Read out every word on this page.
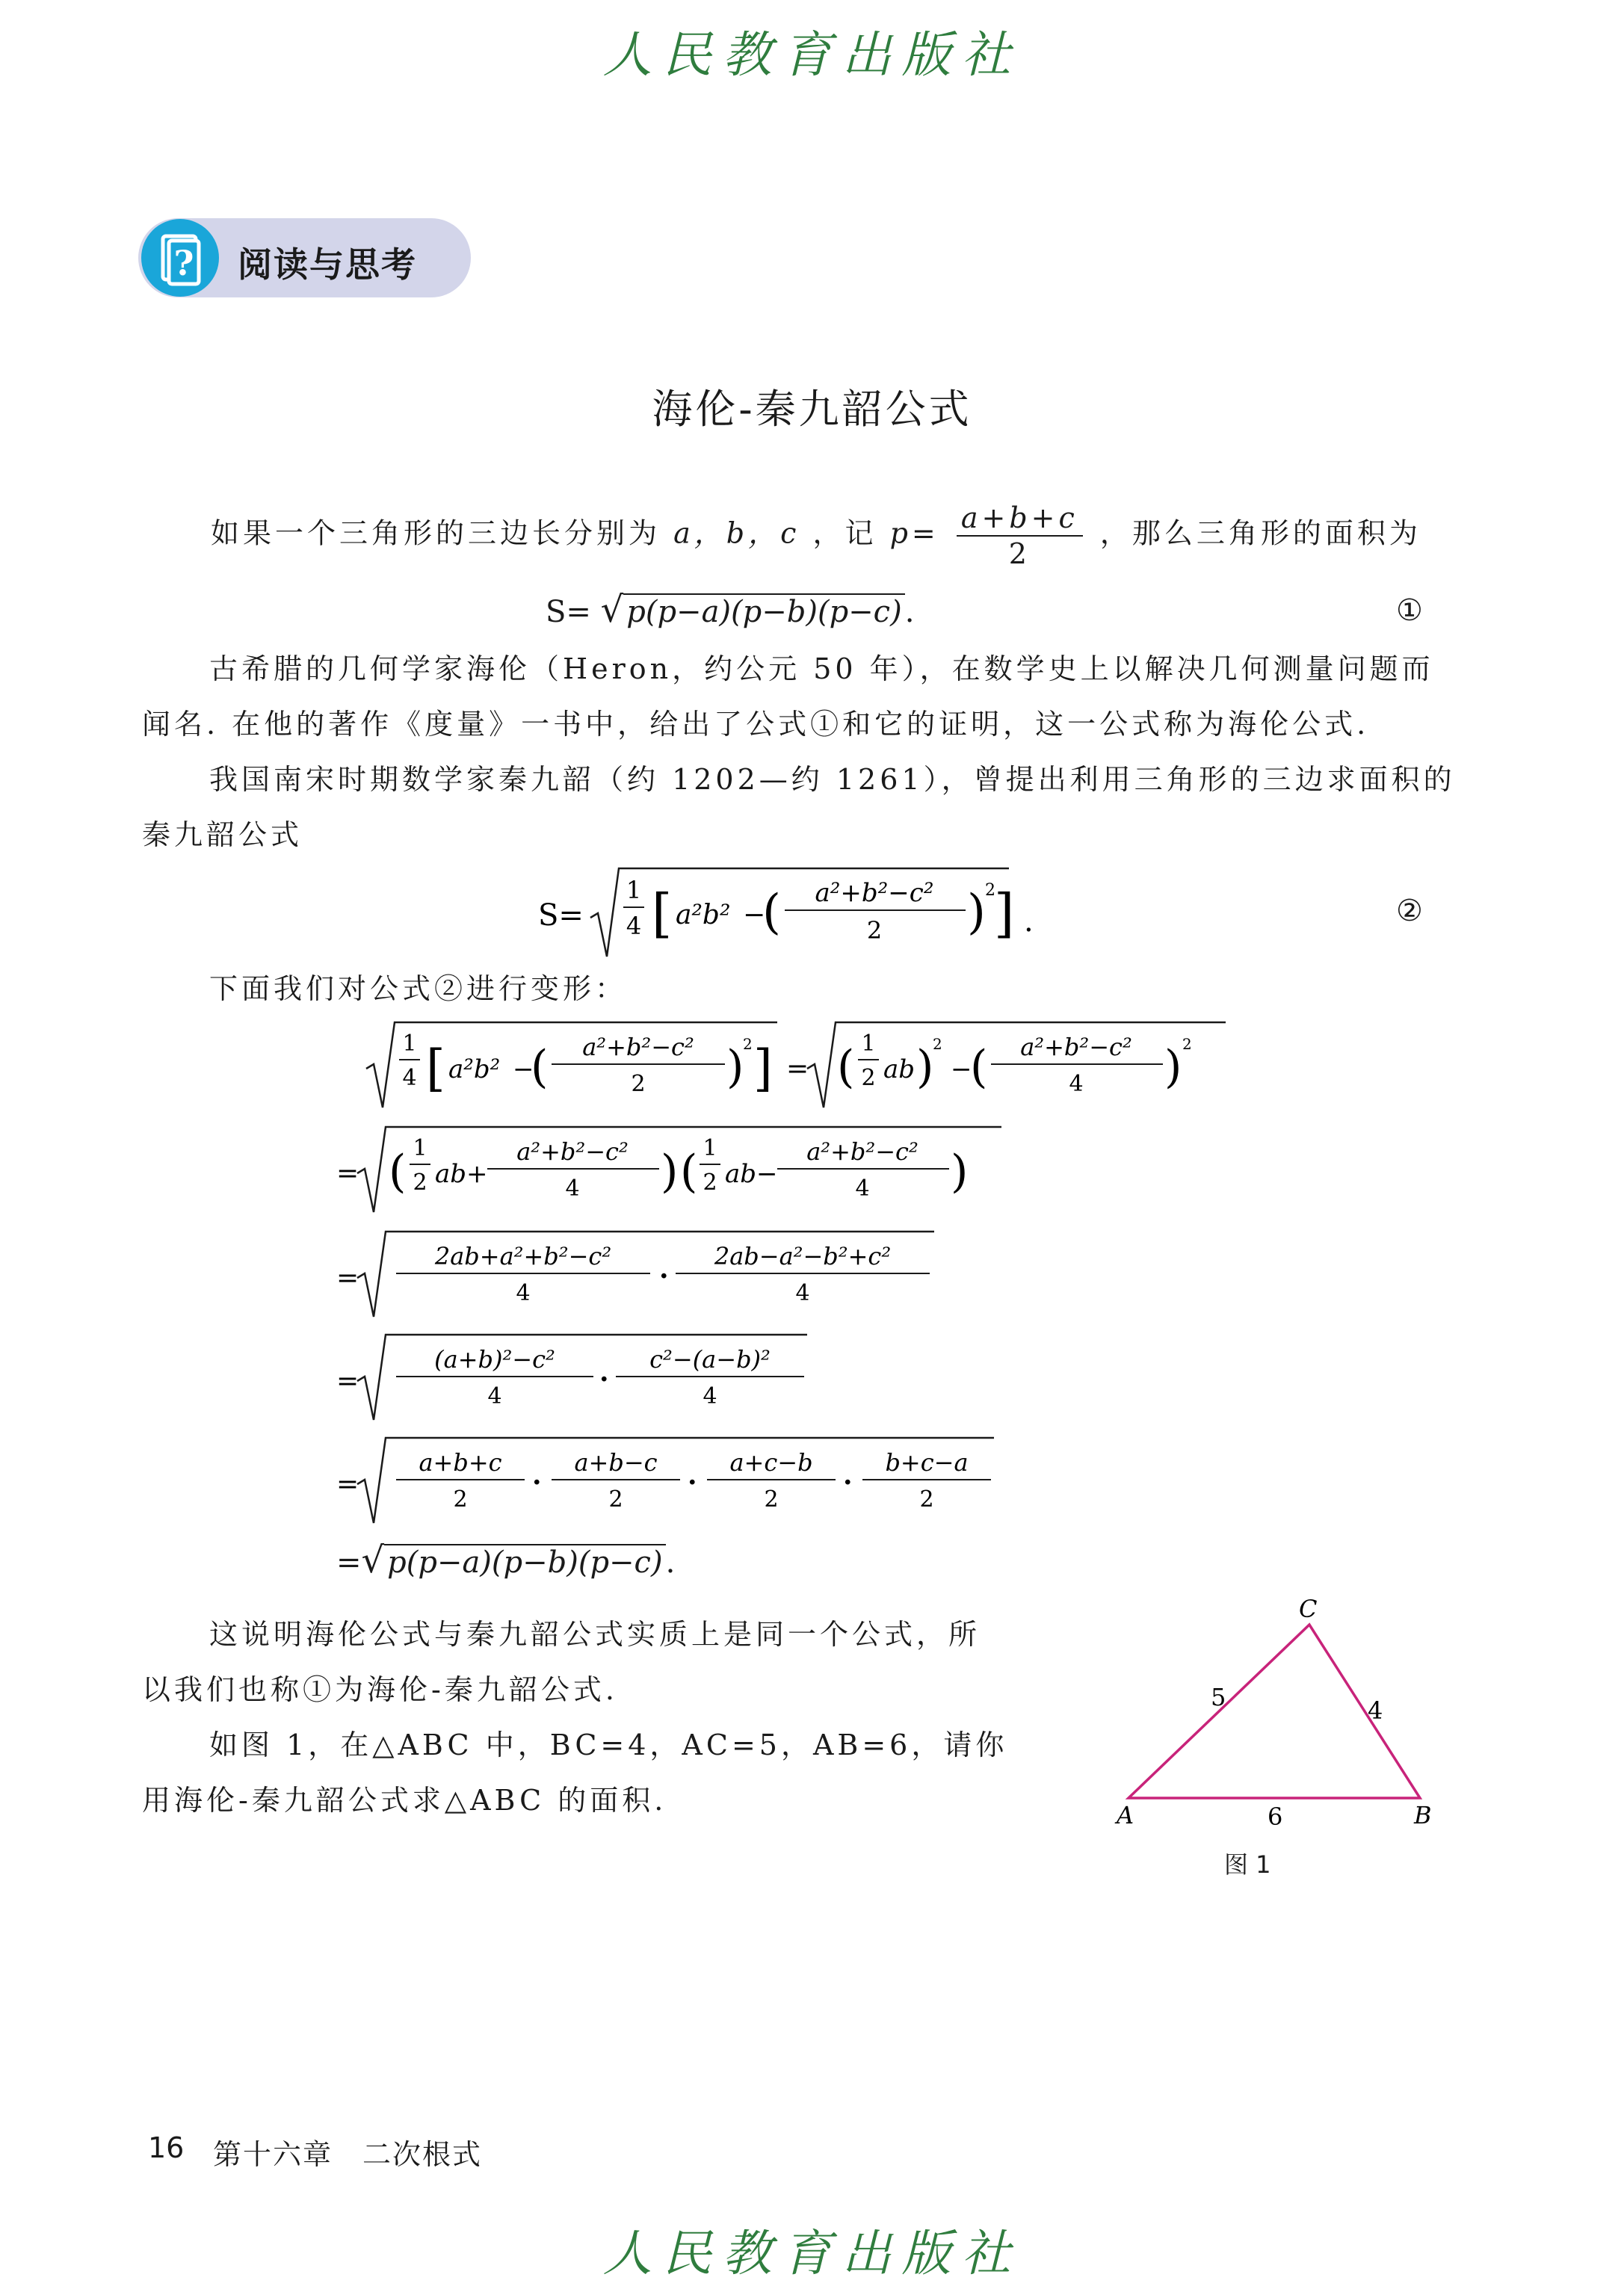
人民教育出版社
? 阅读与思考
海伦-秦九韶公式
如果一个三角形的三边长分别为 a，b，c ，记 $p= \frac{a+b+c}{2}$ ，那么三角形的面积为
S= √ p(p−a)(p−b)(p−c) .	①
古希腊的几何学家海伦（Heron，约公元 50 年），在数学史上以解决几何测量问题而
闻名. 在他的著作《度量》一书中，给出了公式①和它的证明，这一公式称为海伦公式.
我国南宋时期数学家秦九韶（约 1202—约 1261），曾提出利用三角形的三边求面积的
秦九韶公式
S=
1
4 [ a²b² −
( a²+b²−c²
2 ) 2
] .	②
下面我们对公式②进行变形：
1
4 [ a²b² −
( a²+b²−c²
2 )
2 ] = ( 1
2 ab )
2
−
( a²+b²−c²
4 ) 2
= ( 1
2 ab +
a²+b²−c²
4 ) ( 1
2 ab −
a²+b²−c²
4 )
=
2ab+a²+b²−c²
4
·
2ab−a²−b²+c²
4
=
(a+b)²−c²
4
·
c²−(a−b)²
4
=
a+b+c
2
·
a+b−c
2
·
a+c−b
2
·
b+c−a
2
=√ p(p−a)(p−b)(p−c) .
这说明海伦公式与秦九韶公式实质上是同一个公式，所
以我们也称①为海伦-秦九韶公式.
如图 1，在△ABC 中，BC=4，AC=5，AB=6，请你
用海伦-秦九韶公式求△ABC 的面积.	A	B
C
5	4
6
图 1
16 第十六章　二次根式
人民教育出版社
